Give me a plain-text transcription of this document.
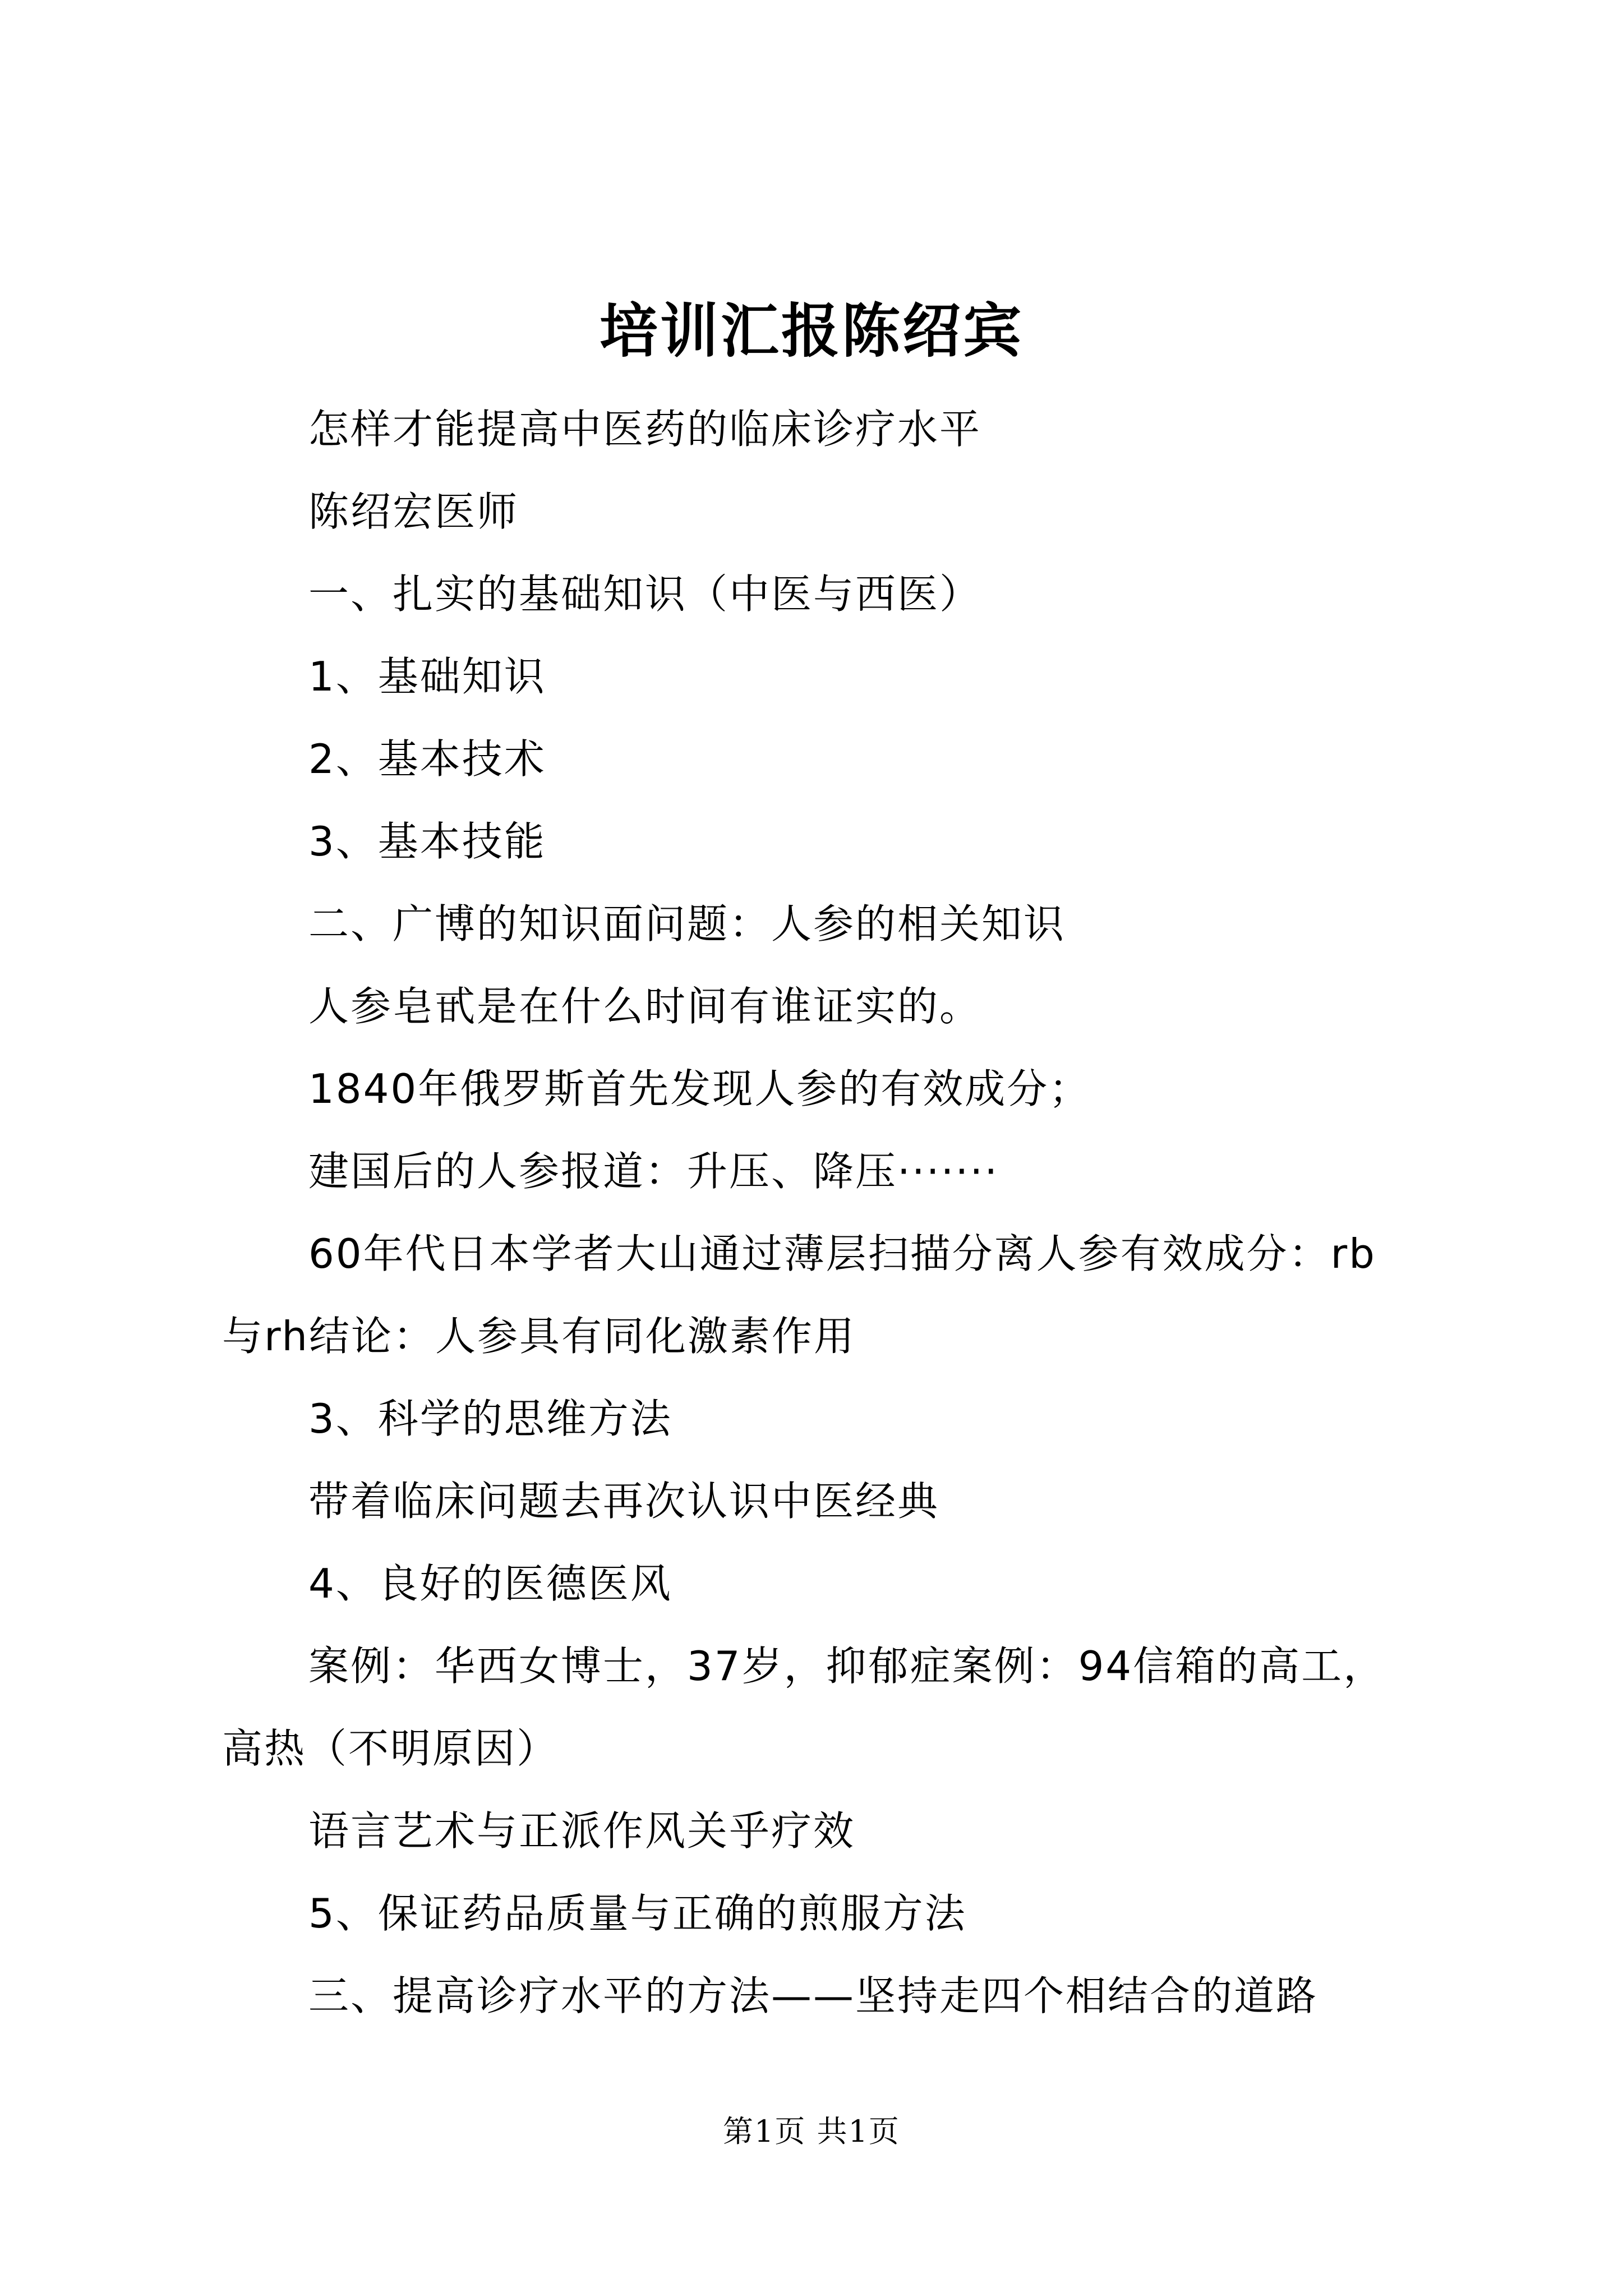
培训汇报陈绍宾

怎样才能提高中医药的临床诊疗水平

陈绍宏医师

一、扎实的基础知识（中医与西医）

1、基础知识

2、基本技术

3、基本技能

二、广博的知识面问题：人参的相关知识

人参皂甙是在什么时间有谁证实的。

1840年俄罗斯首先发现人参的有效成分；

建国后的人参报道：升压、降压·······

60年代日本学者大山通过薄层扫描分离人参有效成分：rb与rh结论：人参具有同化激素作用

3、科学的思维方法

带着临床问题去再次认识中医经典

4、良好的医德医风

案例：华西女博士，37岁，抑郁症案例：94信箱的高工，高热（不明原因）

语言艺术与正派作风关乎疗效

5、保证药品质量与正确的煎服方法

三、提高诊疗水平的方法——坚持走四个相结合的道路

第1页 共1页
